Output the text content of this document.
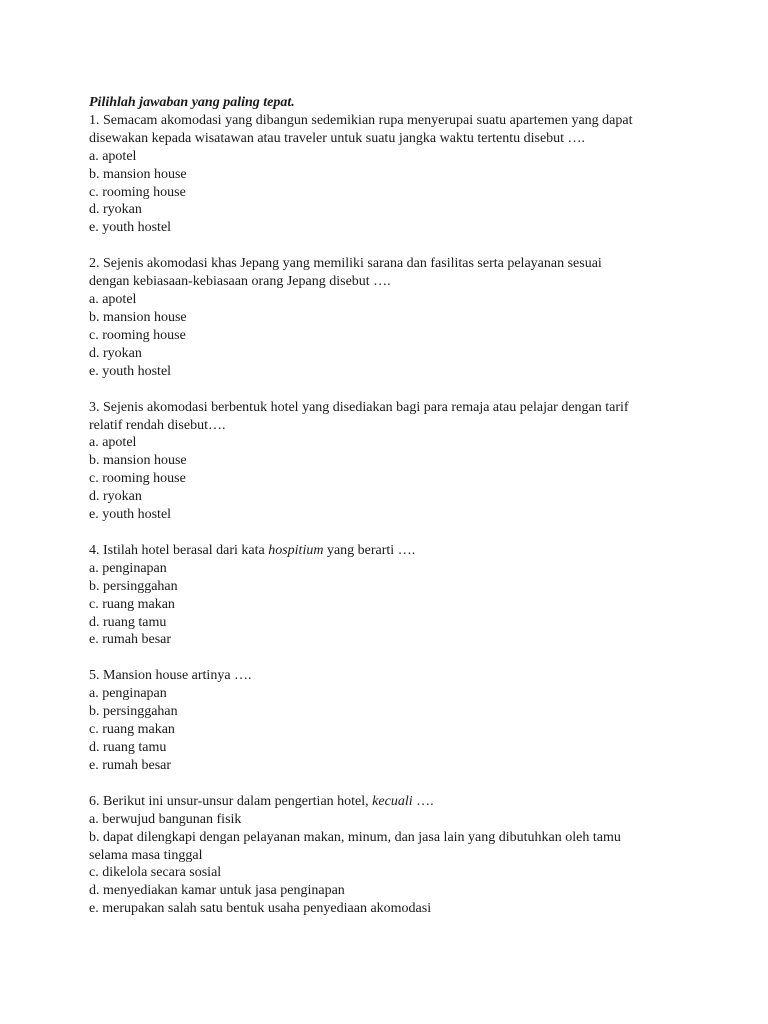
Pilihlah jawaban yang paling tepat.
1. Semacam akomodasi yang dibangun sedemikian rupa menyerupai suatu apartemen yang dapat
disewakan kepada wisatawan atau traveler untuk suatu jangka waktu tertentu disebut ….
a. apotel
b. mansion house
c. rooming house
d. ryokan
e. youth hostel
2. Sejenis akomodasi khas Jepang yang memiliki sarana dan fasilitas serta pelayanan sesuai
dengan kebiasaan-kebiasaan orang Jepang disebut ….
a. apotel
b. mansion house
c. rooming house
d. ryokan
e. youth hostel
3. Sejenis akomodasi berbentuk hotel yang disediakan bagi para remaja atau pelajar dengan tarif
relatif rendah disebut….
a. apotel
b. mansion house
c. rooming house
d. ryokan
e. youth hostel
4. Istilah hotel berasal dari kata hospitium yang berarti ….
a. penginapan
b. persinggahan
c. ruang makan
d. ruang tamu
e. rumah besar
5. Mansion house artinya ….
a. penginapan
b. persinggahan
c. ruang makan
d. ruang tamu
e. rumah besar
6. Berikut ini unsur-unsur dalam pengertian hotel, kecuali ….
a. berwujud bangunan fisik
b. dapat dilengkapi dengan pelayanan makan, minum, dan jasa lain yang dibutuhkan oleh tamu
selama masa tinggal
c. dikelola secara sosial
d. menyediakan kamar untuk jasa penginapan
e. merupakan salah satu bentuk usaha penyediaan akomodasi
